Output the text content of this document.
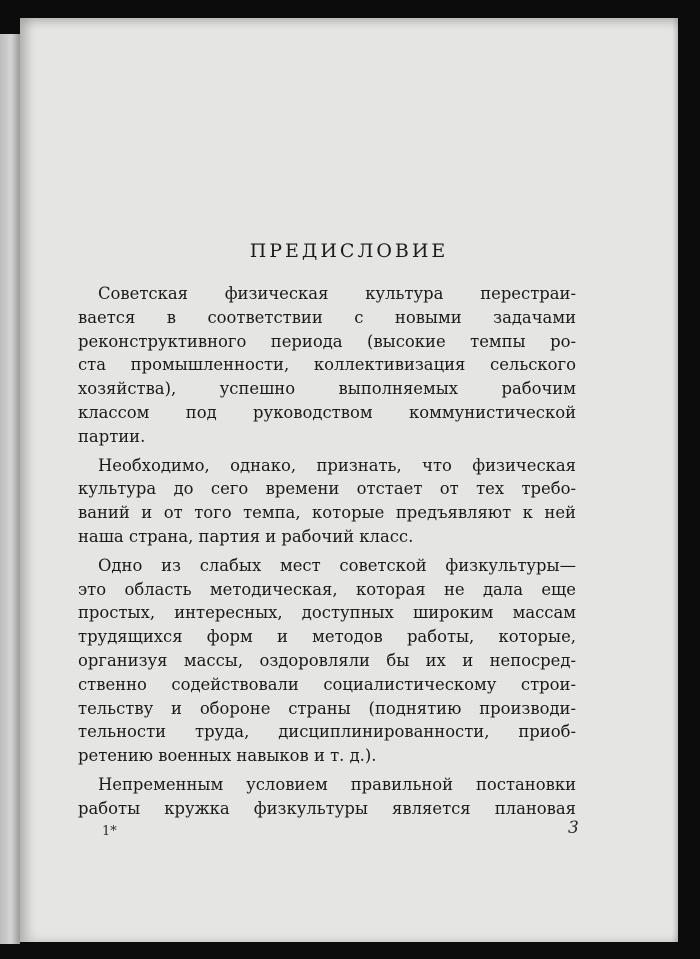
ПРЕДИСЛОВИЕ
Советская физическая культура перестраи-
вается в соответствии с новыми задачами
реконструктивного периода (высокие темпы ро-
ста промышленности, коллективизация сельского
хозяйства), успешно выполняемых рабочим
классом под руководством коммунистической
партии.
Необходимо, однако, признать, что физическая
культура до сего времени отстает от тех требо-
ваний и от того темпа, которые предъявляют к ней
наша страна, партия и рабочий класс.
Одно из слабых мест советской физкультуры—
это область методическая, которая не дала еще
простых, интересных, доступных широким массам
трудящихся форм и методов работы, которые,
организуя массы, оздоровляли бы их и непосред-
ственно содействовали социалистическому строи-
тельству и обороне страны (поднятию производи-
тельности труда, дисциплинированности, приоб-
ретению военных навыков и т. д.).
Непременным условием правильной постановки
работы кружка физкультуры является плановая
1*	3
